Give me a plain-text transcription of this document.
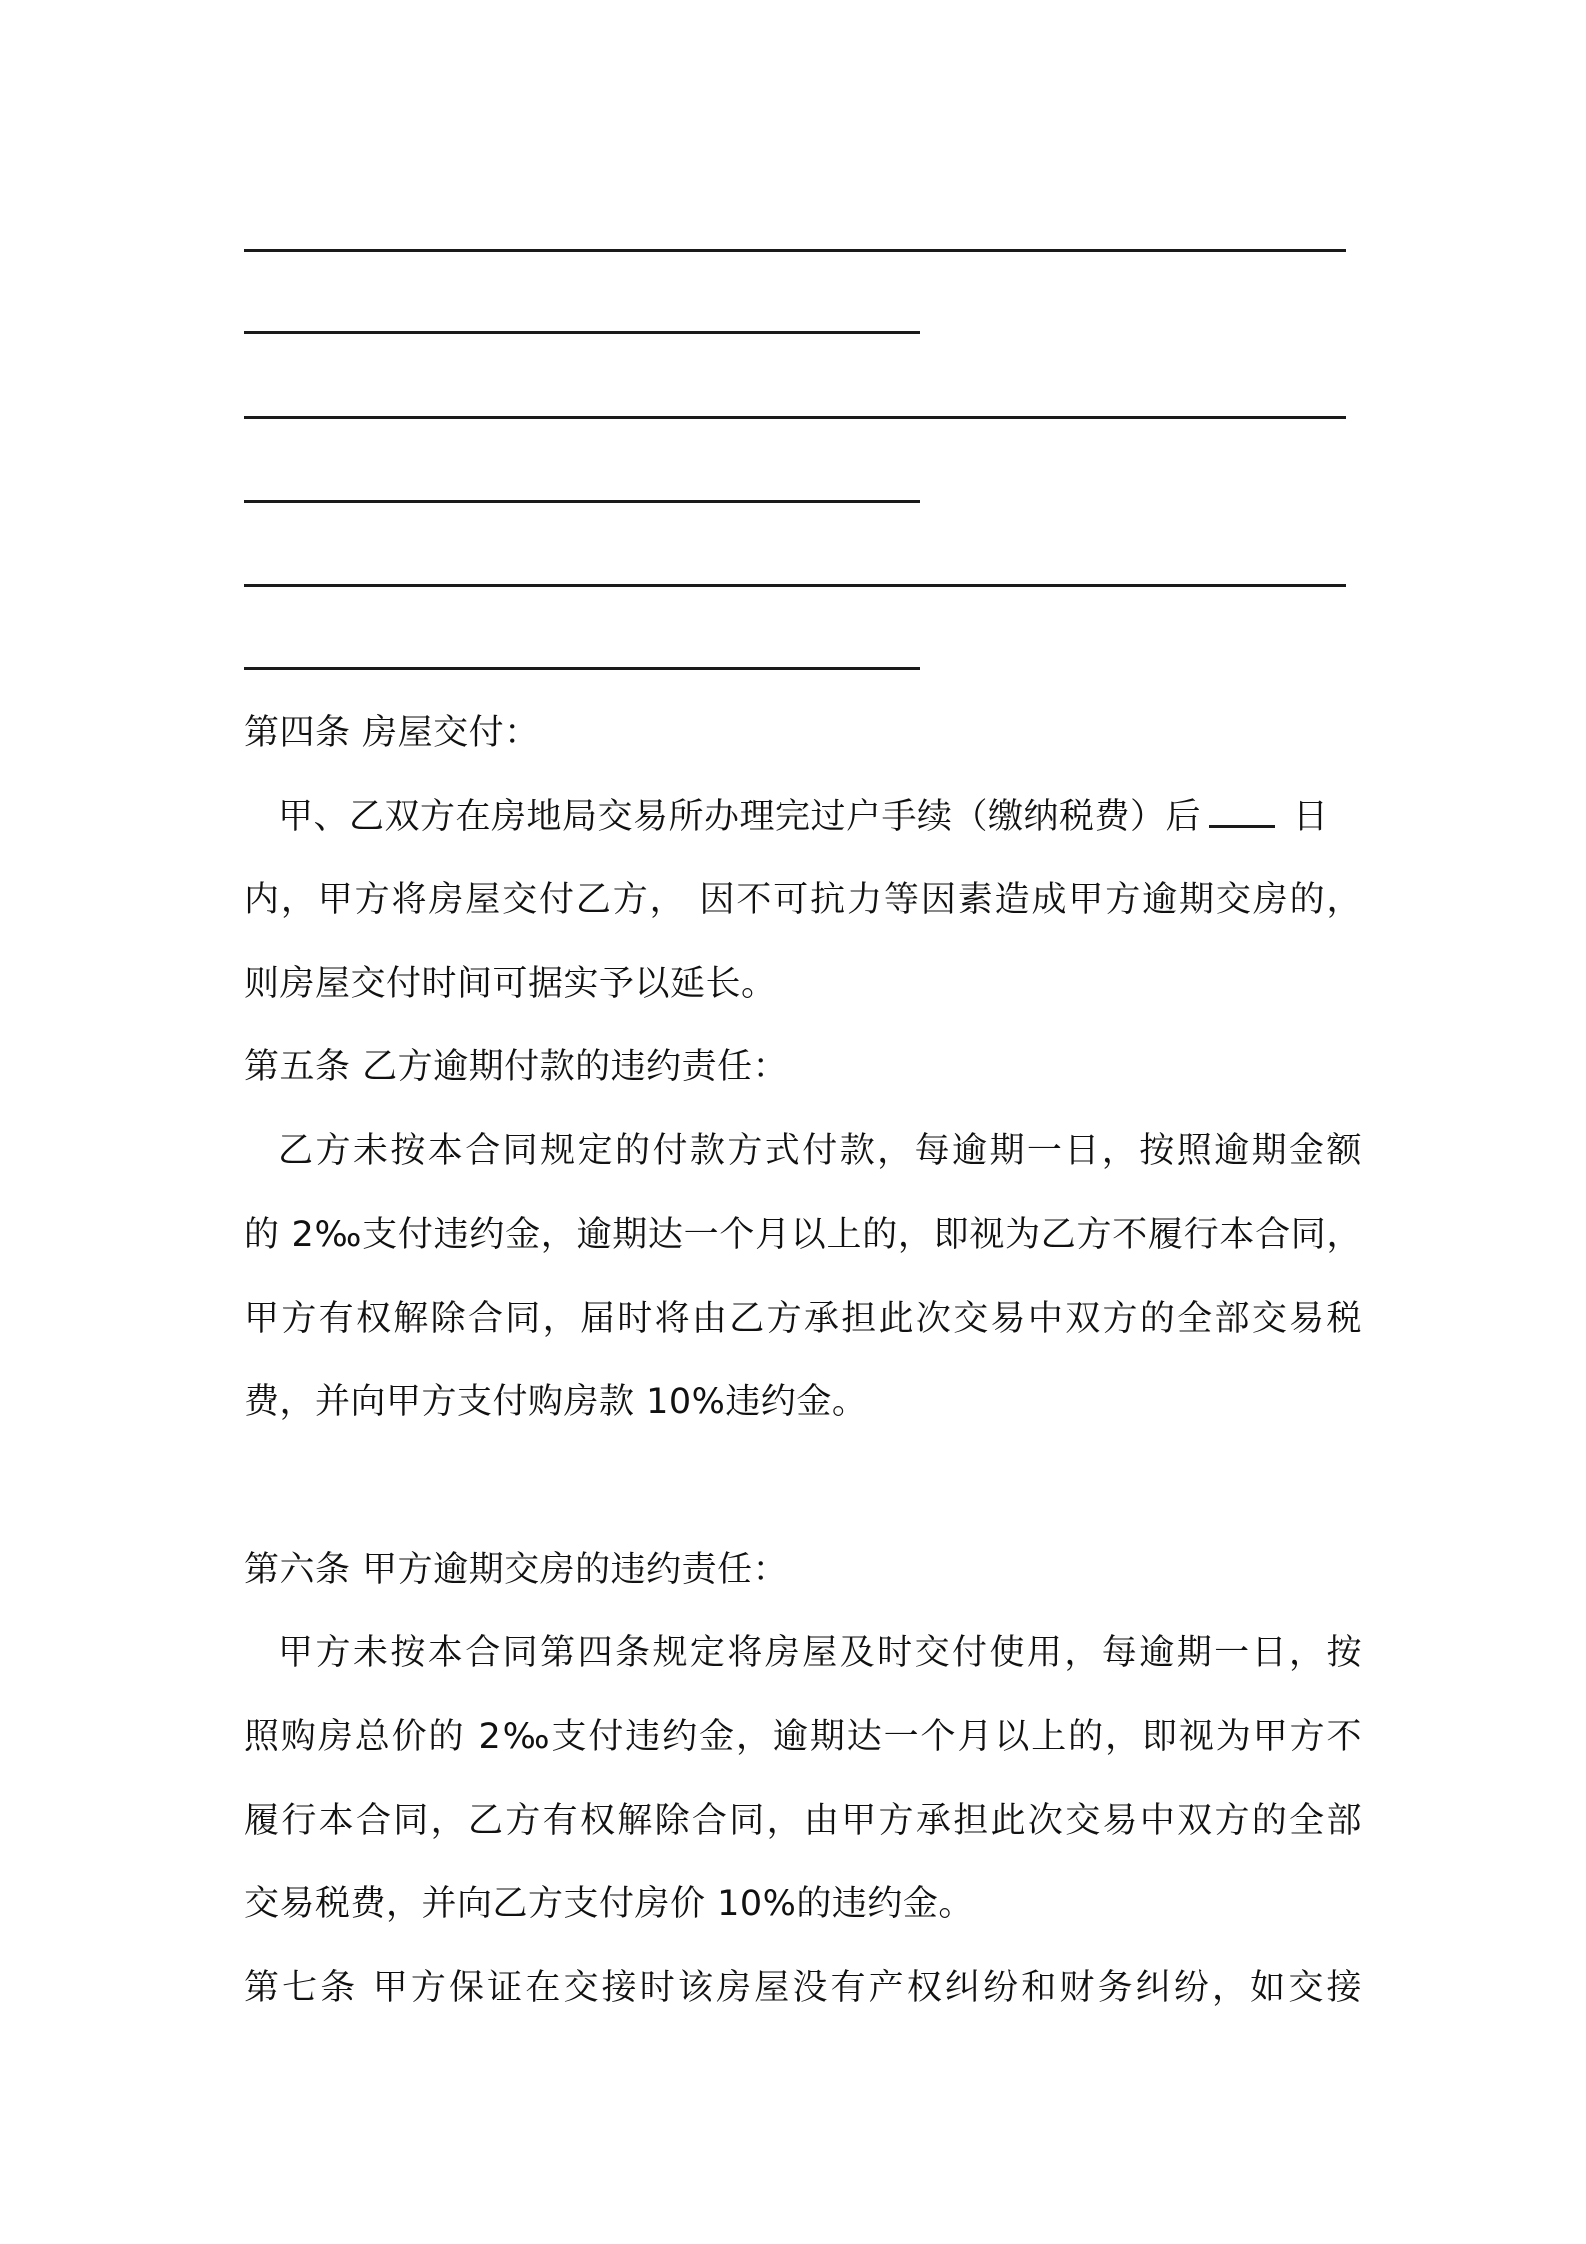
第四条 房屋交付：
甲、乙双方在房地局交易所办理完过户手续（缴纳税费）后	日
内，甲方将房屋交付乙方， 因不可抗力等因素造成甲方逾期交房的，
则房屋交付时间可据实予以延长。
第五条 乙方逾期付款的违约责任：
乙方未按本合同规定的付款方式付款，每逾期一日，按照逾期金额
的 2‰支付违约金，逾期达一个月以上的，即视为乙方不履行本合同，
甲方有权解除合同，届时将由乙方承担此次交易中双方的全部交易税
费，并向甲方支付购房款 10%违约金。
第六条 甲方逾期交房的违约责任：
甲方未按本合同第四条规定将房屋及时交付使用，每逾期一日，按
照购房总价的 2‰支付违约金，逾期达一个月以上的，即视为甲方不
履行本合同，乙方有权解除合同，由甲方承担此次交易中双方的全部
交易税费，并向乙方支付房价 10%的违约金。
第七条 甲方保证在交接时该房屋没有产权纠纷和财务纠纷，如交接
